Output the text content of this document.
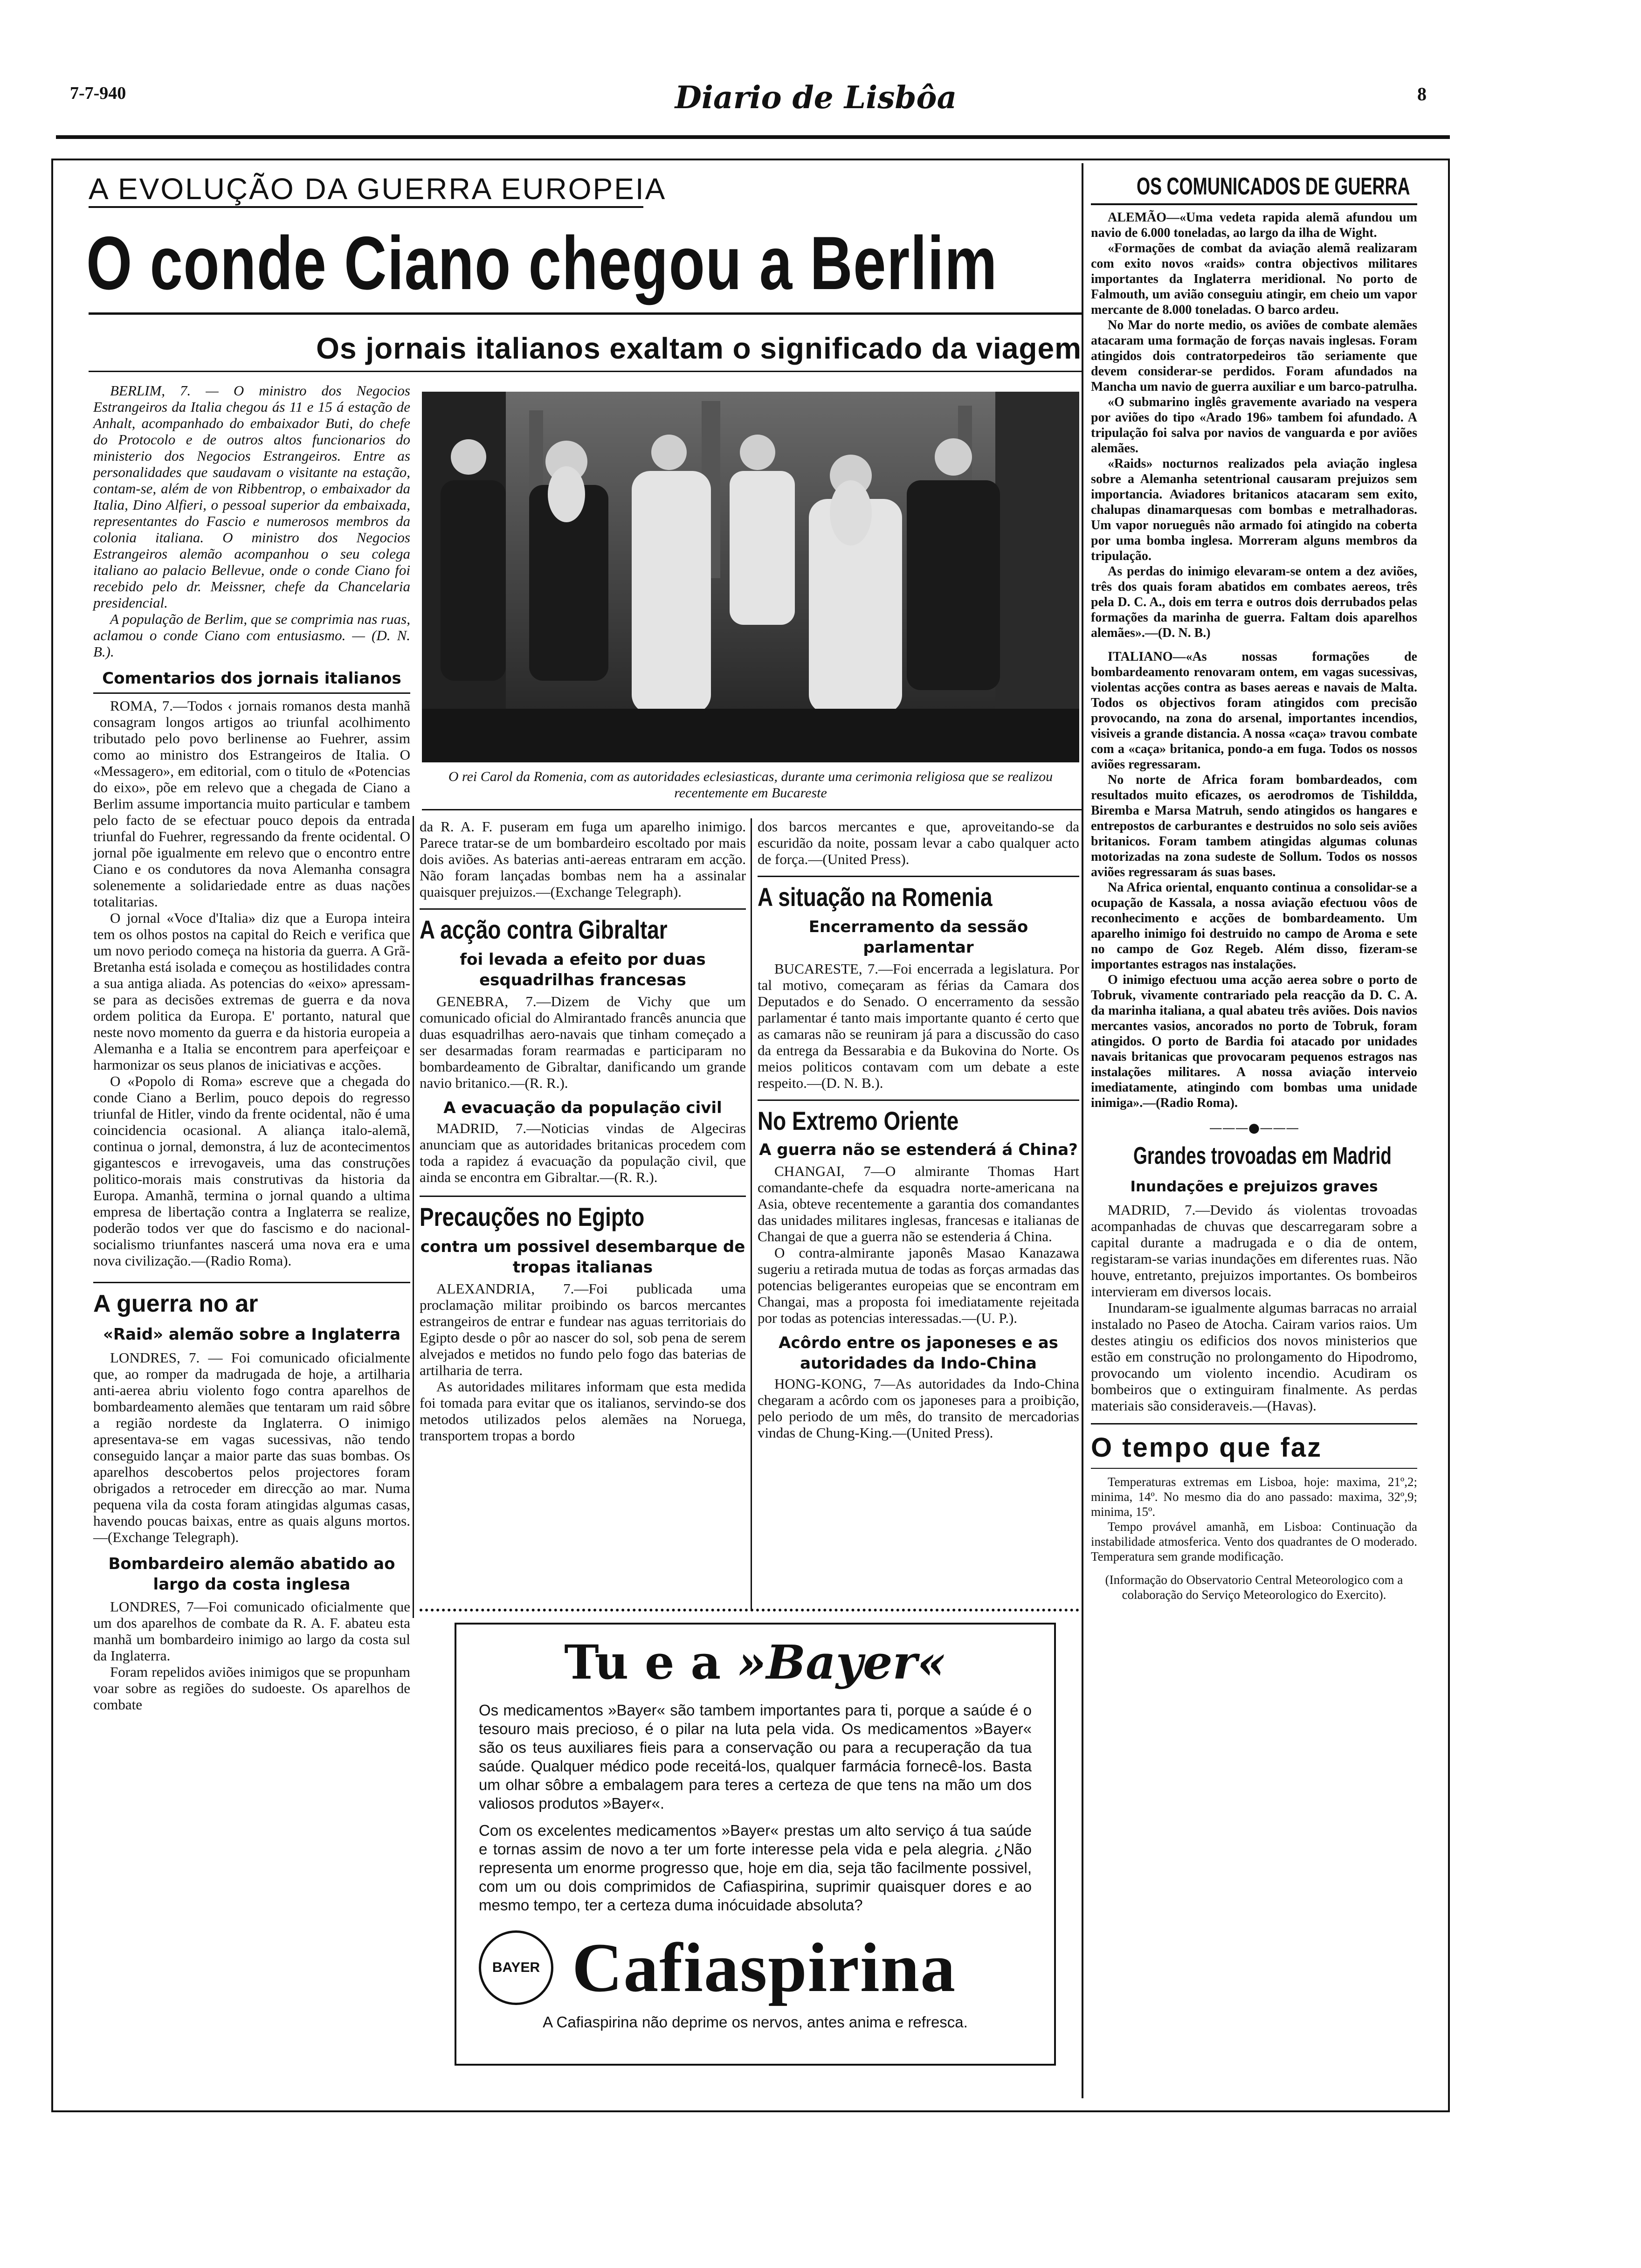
7-7-940	Diario de Lisbôa	8
A EVOLUÇÃO DA GUERRA EUROPEIA
O conde Ciano chegou a Berlim
Os jornais italianos exaltam o significado da viagem

BERLIM, 7. — O ministro dos Negocios Estrangeiros da Italia chegou ás 11 e 15 á estação de Anhalt, acompanhado do embaixador Buti, do chefe do Protocolo e de outros altos funcionarios do ministerio dos Negocios Estrangeiros. Entre as personalidades que saudavam o visitante na estação, contam-se, além de von Ribbentrop, o embaixador da Italia, Dino Alfieri, o pessoal superior da embaixada, representantes do Fascio e numerosos membros da colonia italiana. O ministro dos Negocios Estrangeiros alemão acompanhou o seu colega italiano ao palacio Bellevue, onde o conde Ciano foi recebido pelo dr. Meissner, chefe da Chancelaria presidencial.

A população de Berlim, que se comprimia nas ruas, aclamou o conde Ciano com entusiasmo. — (D. N. B.).

Comentarios dos jornais italianos

ROMA, 7.—Todos ‹ jornais romanos desta manhã consagram longos artigos ao triunfal acolhimento tributado pelo povo berlinense ao Fuehrer, assim como ao ministro dos Estrangeiros de Italia. O «Messagero», em editorial, com o titulo de «Potencias do eixo», põe em relevo que a chegada de Ciano a Berlim assume importancia muito particular e tambem pelo facto de se efectuar pouco depois da entrada triunfal do Fuehrer, regressando da frente ocidental. O jornal põe igualmente em relevo que o encontro entre Ciano e os condutores da nova Alemanha consagra solenemente a solidariedade entre as duas nações totalitarias.

O jornal «Voce d'Italia» diz que a Europa inteira tem os olhos postos na capital do Reich e verifica que um novo periodo começa na historia da guerra. A Grã-Bretanha está isolada e começou as hostilidades contra a sua antiga aliada. As potencias do «eixo» apressam-se para as decisões extremas de guerra e da nova ordem politica da Europa. E' portanto, natural que neste novo momento da guerra e da historia europeia a Alemanha e a Italia se encontrem para aperfeiçoar e harmonizar os seus planos de iniciativas e acções.

O «Popolo di Roma» escreve que a chegada do conde Ciano a Berlim, pouco depois do regresso triunfal de Hitler, vindo da frente ocidental, não é uma coincidencia ocasional. A aliança italo-alemã, continua o jornal, demonstra, á luz de acontecimentos gigantescos e irrevogaveis, uma das construções politico-morais mais construtivas da historia da Europa. Amanhã, termina o jornal quando a ultima empresa de libertação contra a Inglaterra se realize, poderão todos ver que do fascismo e do nacional-socialismo triunfantes nascerá uma nova era e uma nova civilização.—(Radio Roma).

A guerra no ar
«Raid» alemão sobre a Inglaterra

LONDRES, 7. — Foi comunicado oficialmente que, ao romper da madrugada de hoje, a artilharia anti-aerea abriu violento fogo contra aparelhos de bombardeamento alemães que tentaram um raid sôbre a região nordeste da Inglaterra. O inimigo apresentava-se em vagas sucessivas, não tendo conseguido lançar a maior parte das suas bombas. Os aparelhos descobertos pelos projectores foram obrigados a retroceder em direcção ao mar. Numa pequena vila da costa foram atingidas algumas casas, havendo poucas baixas, entre as quais alguns mortos.—(Exchange Telegraph).

Bombardeiro alemão abatido ao largo da costa inglesa

LONDRES, 7—Foi comunicado oficialmente que um dos aparelhos de combate da R. A. F. abateu esta manhã um bombardeiro inimigo ao largo da costa sul da Inglaterra.

Foram repelidos aviões inimigos que se propunham voar sobre as regiões do sudoeste. Os aparelhos de combate

O rei Carol da Romenia, com as autoridades eclesiasticas, durante uma cerimonia religiosa que se realizou recentemente em Bucareste

da R. A. F. puseram em fuga um aparelho inimigo. Parece tratar-se de um bombardeiro escoltado por mais dois aviões. As baterias anti-aereas entraram em acção. Não foram lançadas bombas nem ha a assinalar quaisquer prejuizos.—(Exchange Telegraph).

A acção contra Gibraltar
foi levada a efeito por duas esquadrilhas francesas

GENEBRA, 7.—Dizem de Vichy que um comunicado oficial do Almirantado francês anuncia que duas esquadrilhas aero-navais que tinham começado a ser desarmadas foram rearmadas e participaram no bombardeamento de Gibraltar, danificando um grande navio britanico.—(R. R.).

A evacuação da população civil

MADRID, 7.—Noticias vindas de Algeciras anunciam que as autoridades britanicas procedem com toda a rapidez á evacuação da população civil, que ainda se encontra em Gibraltar.—(R. R.).

Precauções no Egipto
contra um possivel desembarque de tropas italianas

ALEXANDRIA, 7.—Foi publicada uma proclamação militar proibindo os barcos mercantes estrangeiros de entrar e fundear nas aguas territoriais do Egipto desde o pôr ao nascer do sol, sob pena de serem alvejados e metidos no fundo pelo fogo das baterias de artilharia de terra.

As autoridades militares informam que esta medida foi tomada para evitar que os italianos, servindo-se dos metodos utilizados pelos alemães na Noruega, transportem tropas a bordo

dos barcos mercantes e que, aproveitando-se da escuridão da noite, possam levar a cabo qualquer acto de força.—(United Press).

A situação na Romenia
Encerramento da sessão parlamentar

BUCARESTE, 7.—Foi encerrada a legislatura. Por tal motivo, começaram as férias da Camara dos Deputados e do Senado. O encerramento da sessão parlamentar é tanto mais importante quanto é certo que as camaras não se reuniram já para a discussão do caso da entrega da Bessarabia e da Bukovina do Norte. Os meios politicos contavam com um debate a este respeito.—(D. N. B.).

No Extremo Oriente
A guerra não se estenderá á China?

CHANGAI, 7—O almirante Thomas Hart comandante-chefe da esquadra norte-americana na Asia, obteve recentemente a garantia dos comandantes das unidades militares inglesas, francesas e italianas de Changai de que a guerra não se estenderia á China.

O contra-almirante japonês Masao Kanazawa sugeriu a retirada mutua de todas as forças armadas das potencias beligerantes europeias que se encontram em Changai, mas a proposta foi imediatamente rejeitada por todas as potencias interessadas.—(U. P.).

Acôrdo entre os japoneses e as autoridades da Indo-China

HONG-KONG, 7—As autoridades da Indo-China chegaram a acôrdo com os japoneses para a proibição, pelo periodo de um mês, do transito de mercadorias vindas de Chung-King.—(United Press).

Tu e a »Bayer«

Os medicamentos »Bayer« são tambem importantes para ti, porque a saúde é o tesouro mais precioso, é o pilar na luta pela vida. Os medicamentos »Bayer« são os teus auxiliares fieis para a conservação ou para a recuperação da tua saúde. Qualquer médico pode receitá-los, qualquer farmácia fornecê-los. Basta um olhar sôbre a embalagem para teres a certeza de que tens na mão um dos valiosos produtos »Bayer«.

Com os excelentes medicamentos »Bayer« prestas um alto serviço á tua saúde e tornas assim de novo a ter um forte interesse pela vida e pela alegria. ¿Não representa um enorme progresso que, hoje em dia, seja tão facilmente possivel, com um ou dois comprimidos de Cafiaspirina, suprimir quaisquer dores e ao mesmo tempo, ter a certeza duma inócuidade absoluta?

BAYER Cafiaspirina
A Cafiaspirina não deprime os nervos, antes anima e refresca.
OS COMUNICADOS DE GUERRA

ALEMÃO—«Uma vedeta rapida alemã afundou um navio de 6.000 toneladas, ao largo da ilha de Wight.

«Formações de combat da aviação alemã realizaram com exito novos «raids» contra objectivos militares importantes da Inglaterra meridional. No porto de Falmouth, um avião conseguiu atingir, em cheio um vapor mercante de 8.000 toneladas. O barco ardeu.

No Mar do norte medio, os aviões de combate alemães atacaram uma formação de forças navais inglesas. Foram atingidos dois contratorpedeiros tão seriamente que devem considerar-se perdidos. Foram afundados na Mancha um navio de guerra auxiliar e um barco-patrulha.

«O submarino inglês gravemente avariado na vespera por aviões do tipo «Arado 196» tambem foi afundado. A tripulação foi salva por navios de vanguarda e por aviões alemães.

«Raids» nocturnos realizados pela aviação inglesa sobre a Alemanha setentrional causaram prejuizos sem importancia. Aviadores britanicos atacaram sem exito, chalupas dinamarquesas com bombas e metralhadoras. Um vapor norueguês não armado foi atingido na coberta por uma bomba inglesa. Morreram alguns membros da tripulação.

As perdas do inimigo elevaram-se ontem a dez aviões, três dos quais foram abatidos em combates aereos, três pela D. C. A., dois em terra e outros dois derrubados pelas formações da marinha de guerra. Faltam dois aparelhos alemães».—(D. N. B.)

ITALIANO—«As nossas formações de bombardeamento renovaram ontem, em vagas sucessivas, violentas acções contra as bases aereas e navais de Malta. Todos os objectivos foram atingidos com precisão provocando, na zona do arsenal, importantes incendios, visiveis a grande distancia. A nossa «caça» travou combate com a «caça» britanica, pondo-a em fuga. Todos os nossos aviões regressaram.

No norte de Africa foram bombardeados, com resultados muito eficazes, os aerodromos de Tishildda, Biremba e Marsa Matruh, sendo atingidos os hangares e entrepostos de carburantes e destruidos no solo seis aviões britanicos. Foram tambem atingidas algumas colunas motorizadas na zona sudeste de Sollum. Todos os nossos aviões regressaram ás suas bases.

Na Africa oriental, enquanto continua a consolidar-se a ocupação de Kassala, a nossa aviação efectuou vôos de reconhecimento e acções de bombardeamento. Um aparelho inimigo foi destruido no campo de Aroma e sete no campo de Goz Regeb. Além disso, fizeram-se importantes estragos nas instalações.

O inimigo efectuou uma acção aerea sobre o porto de Tobruk, vivamente contrariado pela reacção da D. C. A. da marinha italiana, a qual abateu três aviões. Dois navios mercantes vasios, ancorados no porto de Tobruk, foram atingidos. O porto de Bardia foi atacado por unidades navais britanicas que provocaram pequenos estragos nas instalações militares. A nossa aviação interveio imediatamente, atingindo com bombas uma unidade inimiga».—(Radio Roma).

———●———
Grandes trovoadas em Madrid
Inundações e prejuizos graves

MADRID, 7.—Devido ás violentas trovoadas acompanhadas de chuvas que descarregaram sobre a capital durante a madrugada e o dia de ontem, registaram-se varias inundações em diferentes ruas. Não houve, entretanto, prejuizos importantes. Os bombeiros intervieram em diversos locais.

Inundaram-se igualmente algumas barracas no arraial instalado no Paseo de Atocha. Cairam varios raios. Um destes atingiu os edificios dos novos ministerios que estão em construção no prolongamento do Hipodromo, provocando um violento incendio. Acudiram os bombeiros que o extinguiram finalmente. As perdas materiais são consideraveis.—(Havas).

O tempo que faz

Temperaturas extremas em Lisboa, hoje: maxima, 21º,2; minima, 14º. No mesmo dia do ano passado: maxima, 32º,9; minima, 15º.

Tempo provável amanhã, em Lisboa: Continuação da instabilidade atmosferica. Vento dos quadrantes de O moderado. Temperatura sem grande modificação.

(Informação do Observatorio Central Meteorologico com a colaboração do Serviço Meteorologico do Exercito).
